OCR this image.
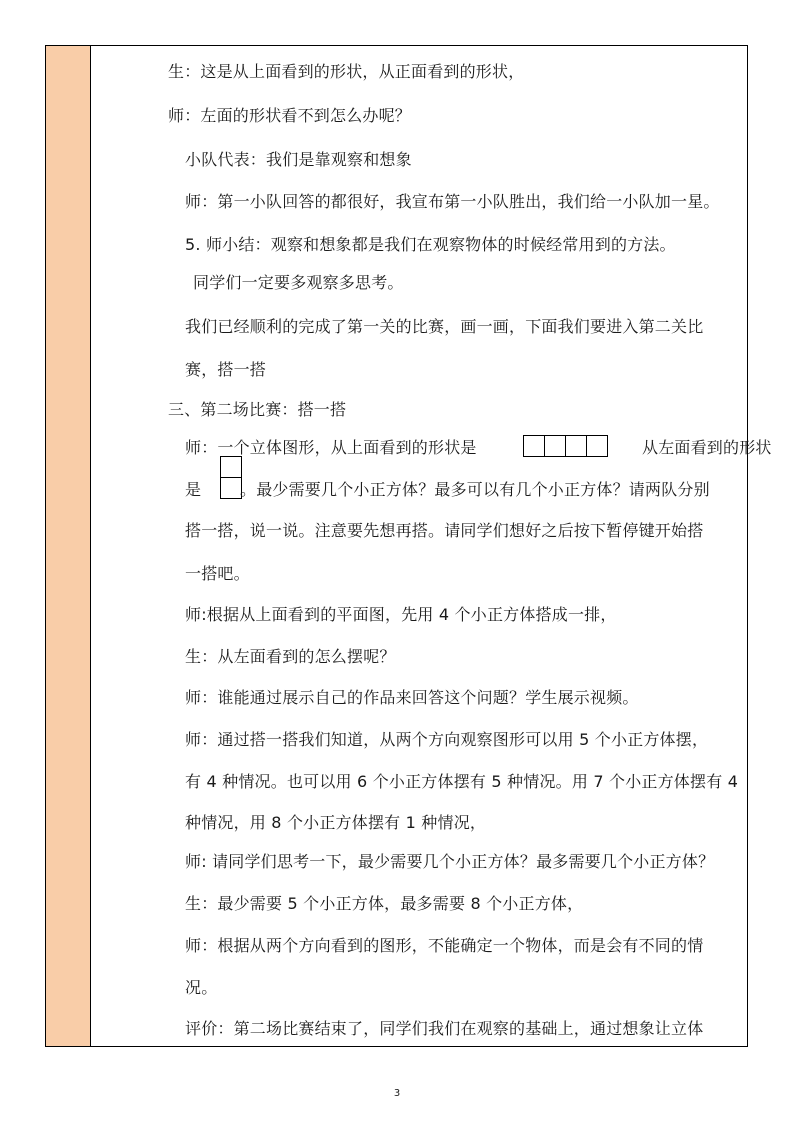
生：这是从上面看到的形状，从正面看到的形状，
师：左面的形状看不到怎么办呢？
小队代表：我们是靠观察和想象
师：第一小队回答的都很好，我宣布第一小队胜出，我们给一小队加一星。
5. 师小结：观察和想象都是我们在观察物体的时候经常用到的方法。
同学们一定要多观察多思考。
我们已经顺利的完成了第一关的比赛，画一画，下面我们要进入第二关比
赛，搭一搭
三、第二场比赛：搭一搭
师：一个立体图形，从上面看到的形状是	从左面看到的形状
是 。最少需要几个小正方体？最多可以有几个小正方体？请两队分别
搭一搭，说一说。注意要先想再搭。请同学们想好之后按下暂停键开始搭
一搭吧。
师:根据从上面看到的平面图，先用 4 个小正方体搭成一排，
生：从左面看到的怎么摆呢？
师：谁能通过展示自己的作品来回答这个问题？学生展示视频。
师：通过搭一搭我们知道，从两个方向观察图形可以用 5 个小正方体摆，
有 4 种情况。也可以用 6 个小正方体摆有 5 种情况。用 7 个小正方体摆有 4
种情况，用 8 个小正方体摆有 1 种情况，
师: 请同学们思考一下，最少需要几个小正方体？最多需要几个小正方体？
生：最少需要 5 个小正方体，最多需要 8 个小正方体，
师：根据从两个方向看到的图形，不能确定一个物体，而是会有不同的情
况。
评价：第二场比赛结束了，同学们我们在观察的基础上，通过想象让立体
3
